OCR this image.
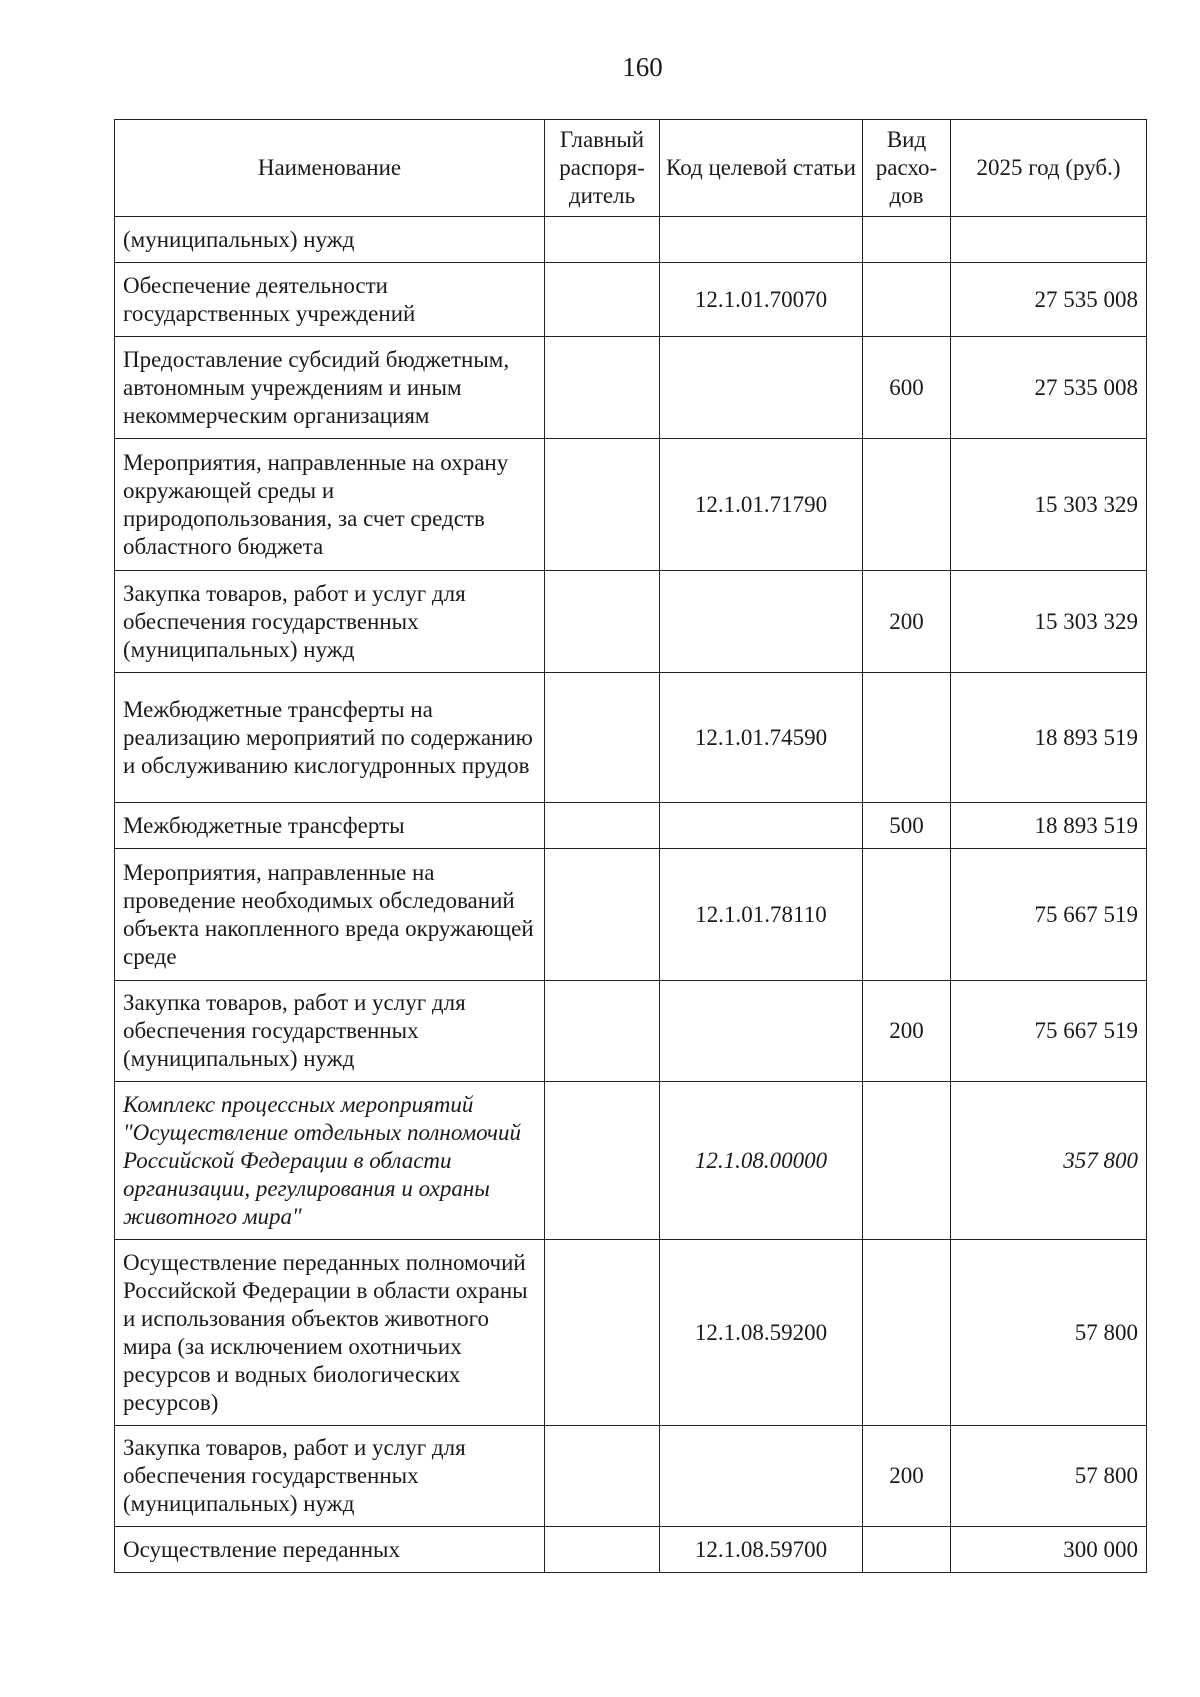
160
Наименование	Главный распоря-дитель	Код целевой статьи	Вид расхо-дов	2025 год (руб.)
(муниципальных) нужд				
Обеспечение деятельности государственных учреждений		12.1.01.70070		27 535 008
Предоставление субсидий бюджетным, автономным учреждениям и иным некоммерческим организациям			600	27 535 008
Мероприятия, направленные на охрану окружающей среды и природопользования, за счет средств областного бюджета		12.1.01.71790		15 303 329
Закупка товаров, работ и услуг для обеспечения государственных (муниципальных) нужд			200	15 303 329
Межбюджетные трансферты на реализацию мероприятий по содержанию и обслуживанию кислогудронных прудов		12.1.01.74590		18 893 519
Межбюджетные трансферты			500	18 893 519
Мероприятия, направленные на проведение необходимых обследований объекта накопленного вреда окружающей среде		12.1.01.78110		75 667 519
Закупка товаров, работ и услуг для обеспечения государственных (муниципальных) нужд			200	75 667 519
Комплекс процессных мероприятий "Осуществление отдельных полномочий Российской Федерации в области организации, регулирования и охраны животного мира"		12.1.08.00000		357 800
Осуществление переданных полномочий Российской Федерации в области охраны и использования объектов животного мира (за исключением охотничьих ресурсов и водных биологических ресурсов)		12.1.08.59200		57 800
Закупка товаров, работ и услуг для обеспечения государственных (муниципальных) нужд			200	57 800
Осуществление переданных		12.1.08.59700		300 000
